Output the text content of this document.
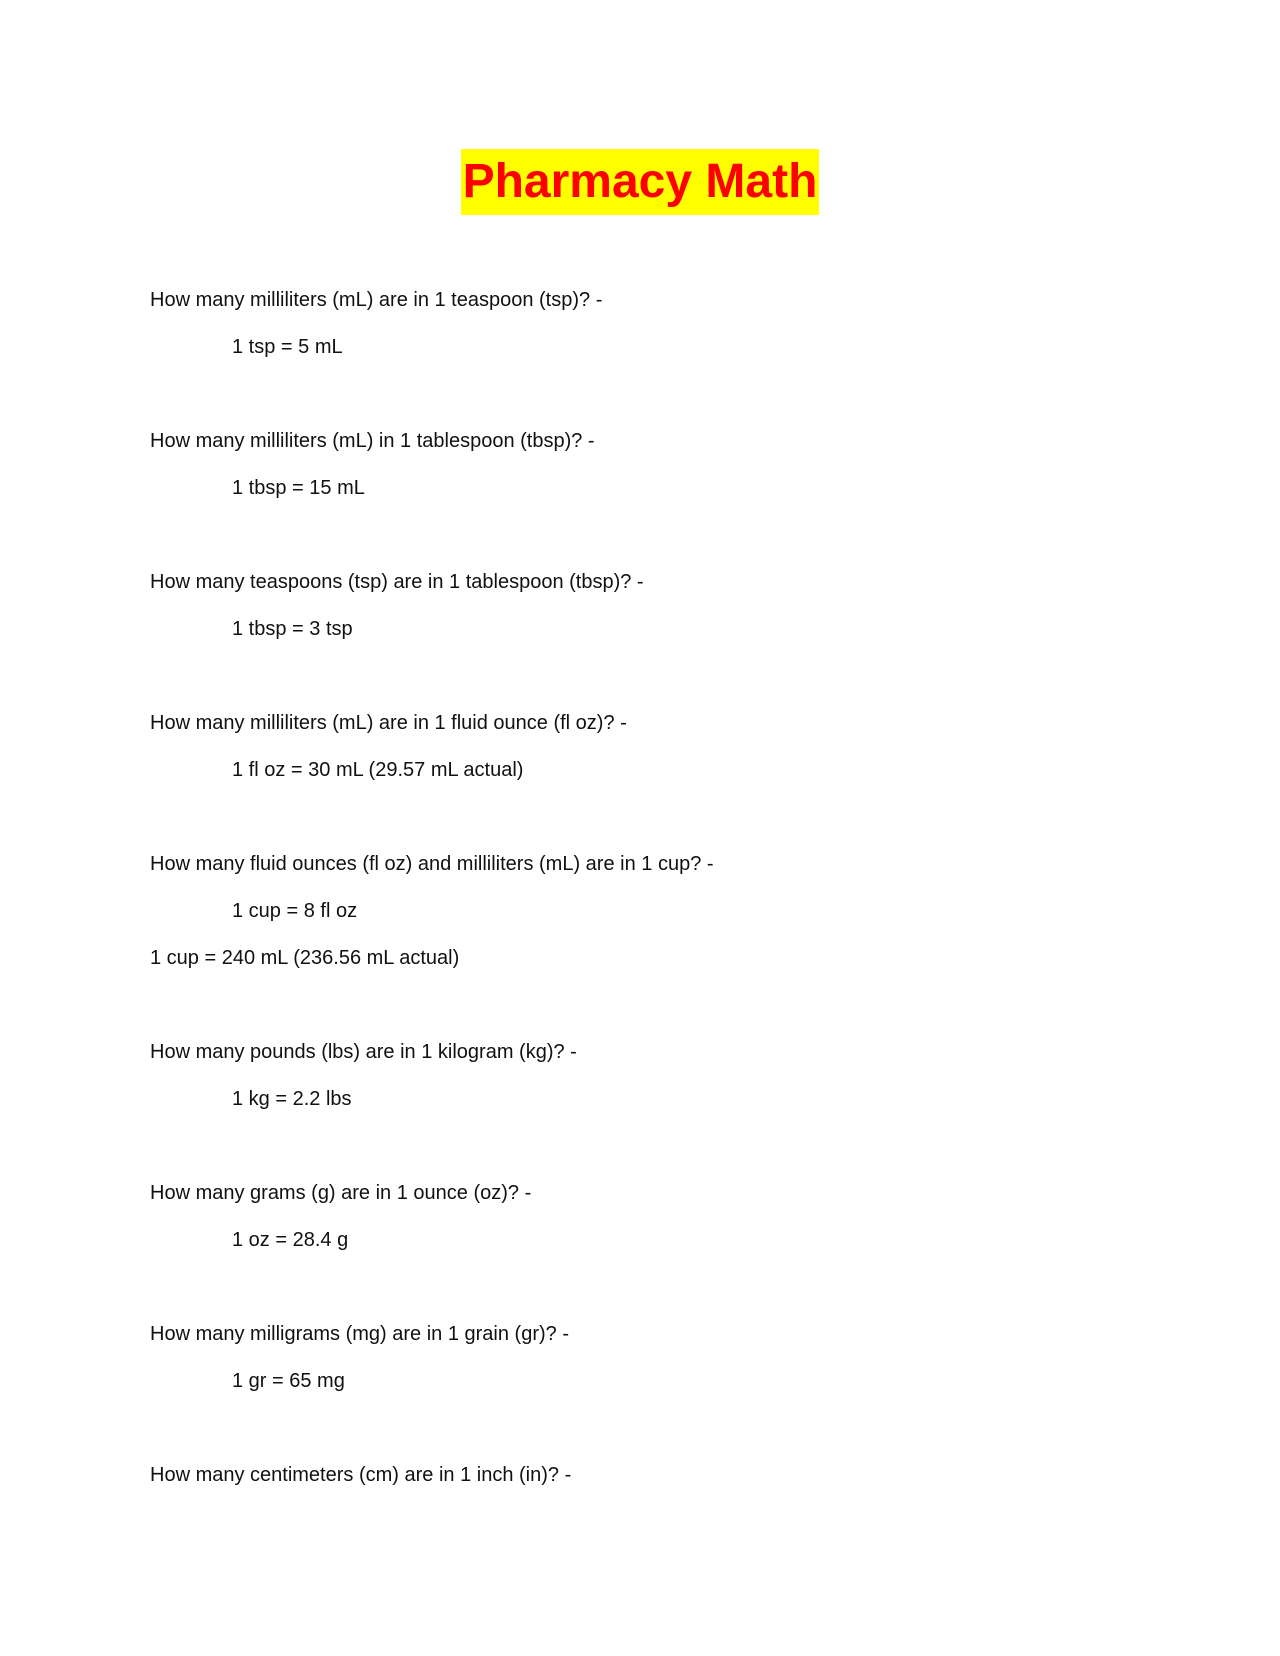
Pharmacy Math
How many milliliters (mL) are in 1 teaspoon (tsp)? -
1 tsp = 5 mL
How many milliliters (mL) in 1 tablespoon (tbsp)? -
1 tbsp = 15 mL
How many teaspoons (tsp) are in 1 tablespoon (tbsp)? -
1 tbsp = 3 tsp
How many milliliters (mL) are in 1 fluid ounce (fl oz)? -
1 fl oz = 30 mL (29.57 mL actual)
How many fluid ounces (fl oz) and milliliters (mL) are in 1 cup? -
1 cup = 8 fl oz
1 cup = 240 mL (236.56 mL actual)
How many pounds (lbs) are in 1 kilogram (kg)? -
1 kg = 2.2 lbs
How many grams (g) are in 1 ounce (oz)? -
1 oz = 28.4 g
How many milligrams (mg) are in 1 grain (gr)? -
1 gr = 65 mg
How many centimeters (cm) are in 1 inch (in)? -
